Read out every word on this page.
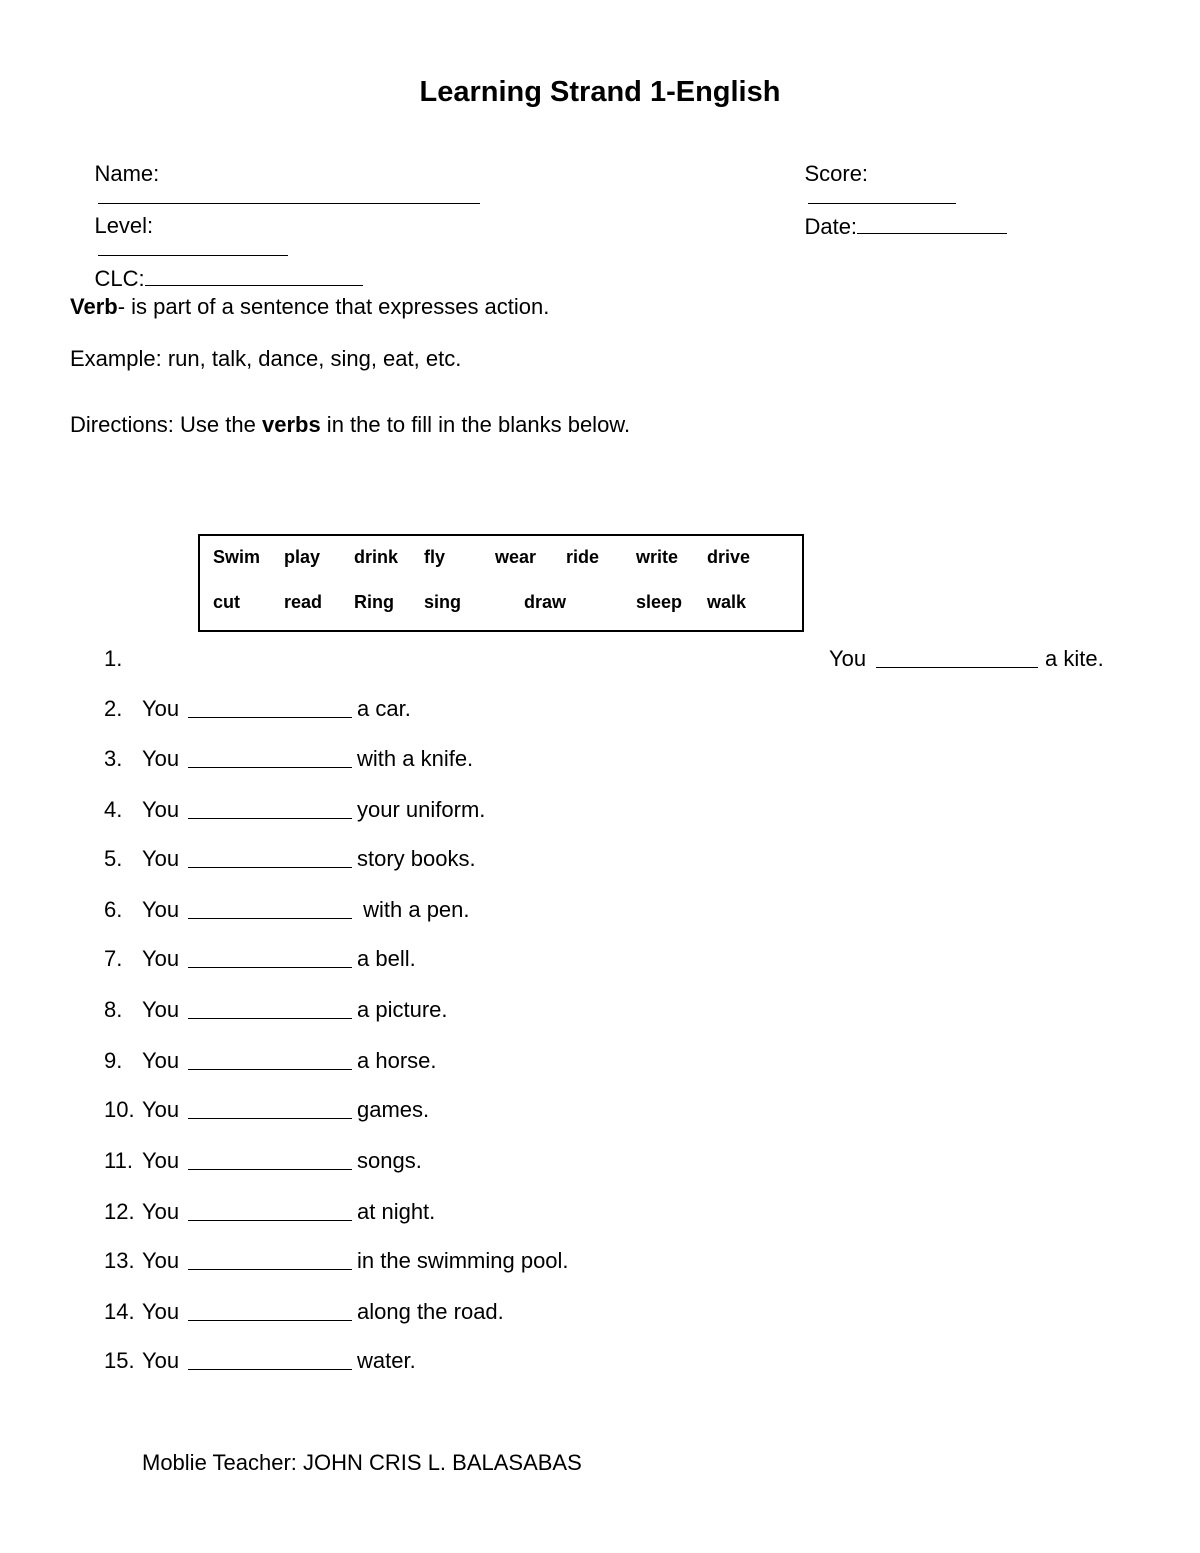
Learning Strand 1-English

Name:

	Score:

Level:

	Date:

CLC:

Verb- is part of a sentence that expresses action.
Example: run, talk, dance, sing, eat, etc.
Directions: Use the verbs in the to fill in the blanks below.
Swim play drink fly	wear ride write drive
cut read Ring sing	draw	sleep walk
1.	You	a kite.
2. You	a car.
3. You	with a knife.
4. You	your uniform.
5. You	story books.
6. You	with a pen.
7. You	a bell.
8. You	a picture.
9. You	a horse.
10. You	games.
11. You	songs.
12. You	at night.
13. You	in the swimming pool.
14. You	along the road.
15. You	water.
Moblie Teacher: JOHN CRIS L. BALASABAS
